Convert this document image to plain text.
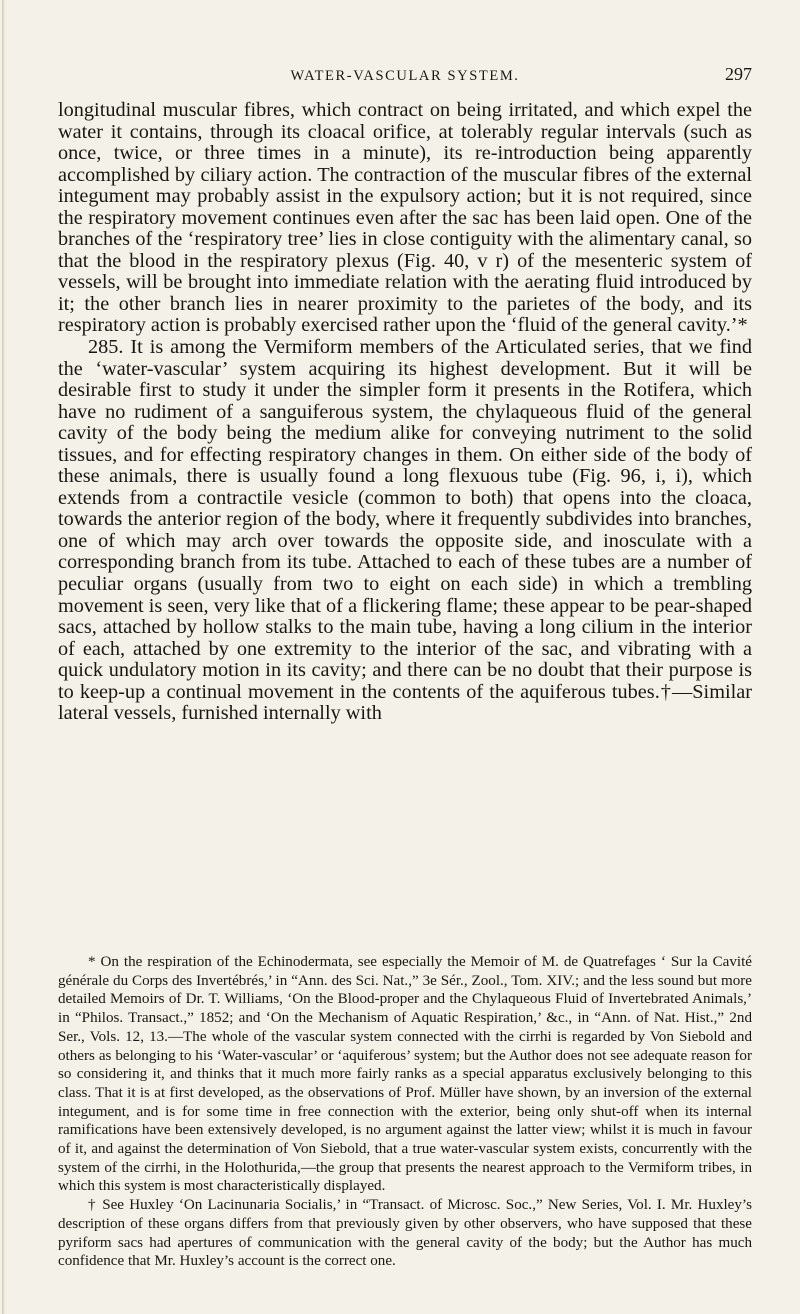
WATER-VASCULAR SYSTEM.	297

longitudinal muscular fibres, which contract on being irritated, and which expel the water it contains, through its cloacal orifice, at tolerably regular intervals (such as once, twice, or three times in a minute), its re-introduction being apparently accomplished by ciliary action. The contraction of the muscular fibres of the external integument may probably assist in the expulsory action; but it is not required, since the respiratory movement continues even after the sac has been laid open. One of the branches of the ‘respiratory tree’ lies in close contiguity with the alimentary canal, so that the blood in the respiratory plexus (Fig. 40, v r) of the mesenteric system of vessels, will be brought into immediate relation with the aerating fluid introduced by it; the other branch lies in nearer proximity to the parietes of the body, and its respiratory action is probably exercised rather upon the ‘fluid of the general cavity.’*

285. It is among the Vermiform members of the Articulated series, that we find the ‘water-vascular’ system acquiring its highest development. But it will be desirable first to study it under the simpler form it presents in the Rotifera, which have no rudiment of a sanguiferous system, the chylaqueous fluid of the general cavity of the body being the medium alike for conveying nutriment to the solid tissues, and for effecting respiratory changes in them. On either side of the body of these animals, there is usually found a long flexuous tube (Fig. 96, i, i), which extends from a contractile vesicle (common to both) that opens into the cloaca, towards the anterior region of the body, where it frequently subdivides into branches, one of which may arch over towards the opposite side, and inosculate with a corresponding branch from its tube. Attached to each of these tubes are a number of peculiar organs (usually from two to eight on each side) in which a trembling movement is seen, very like that of a flickering flame; these appear to be pear-shaped sacs, attached by hollow stalks to the main tube, having a long cilium in the interior of each, attached by one extremity to the interior of the sac, and vibrating with a quick undulatory motion in its cavity; and there can be no doubt that their purpose is to keep-up a continual movement in the contents of the aquiferous tubes.†—Similar lateral vessels, furnished internally with

* On the respiration of the Echinodermata, see especially the Memoir of M. de Quatrefages ‘ Sur la Cavité générale du Corps des Invertébrés,’ in “Ann. des Sci. Nat.,” 3e Sér., Zool., Tom. XIV.; and the less sound but more detailed Memoirs of Dr. T. Williams, ‘On the Blood-proper and the Chylaqueous Fluid of Invertebrated Animals,’ in “Philos. Transact.,” 1852; and ‘On the Mechanism of Aquatic Respiration,’ &c., in “Ann. of Nat. Hist.,” 2nd Ser., Vols. 12, 13.—The whole of the vascular system connected with the cirrhi is regarded by Von Siebold and others as belonging to his ‘Water-vascular’ or ‘aquiferous’ system; but the Author does not see adequate reason for so considering it, and thinks that it much more fairly ranks as a special apparatus exclusively belonging to this class. That it is at first developed, as the observations of Prof. Müller have shown, by an inversion of the external integument, and is for some time in free connection with the exterior, being only shut-off when its internal ramifications have been extensively developed, is no argument against the latter view; whilst it is much in favour of it, and against the determination of Von Siebold, that a true water-vascular system exists, concurrently with the system of the cirrhi, in the Holothurida,—the group that presents the nearest approach to the Vermiform tribes, in which this system is most characteristically displayed.

† See Huxley ‘On Lacinunaria Socialis,’ in “Transact. of Microsc. Soc.,” New Series, Vol. I. Mr. Huxley’s description of these organs differs from that previously given by other observers, who have supposed that these pyriform sacs had apertures of communication with the general cavity of the body; but the Author has much confidence that Mr. Huxley’s account is the correct one.
